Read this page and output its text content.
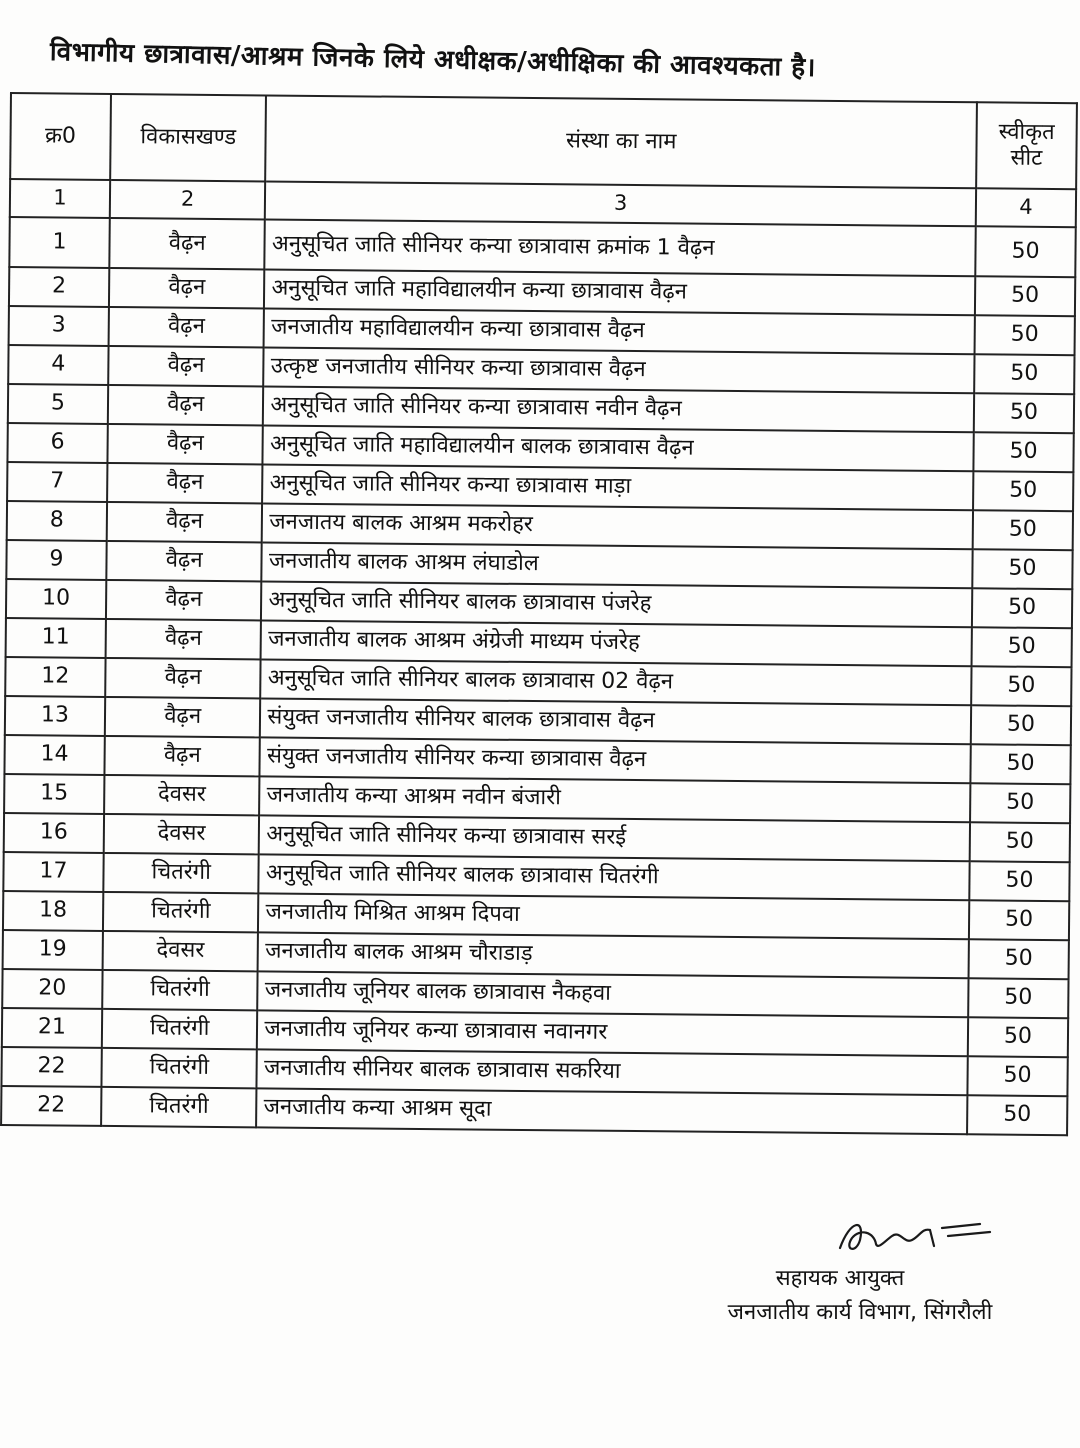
विभागीय छात्रावास/आश्रम जिनके लिये अधीक्षक/अधीक्षिका की आवश्यकता है।
क्र0	विकासखण्ड	संस्था का नाम	स्वीकृत सीट
1	2	3	4
1	वैढ़न	अनुसूचित जाति सीनियर कन्या छात्रावास क्रमांक 1 वैढ़न	50
2	वैढ़न	अनुसूचित जाति महाविद्यालयीन कन्या छात्रावास वैढ़न	50
3	वैढ़न	जनजातीय महाविद्यालयीन कन्या छात्रावास वैढ़न	50
4	वैढ़न	उत्कृष्ट जनजातीय सीनियर कन्या छात्रावास वैढ़न	50
5	वैढ़न	अनुसूचित जाति सीनियर कन्या छात्रावास नवीन वैढ़न	50
6	वैढ़न	अनुसूचित जाति महाविद्यालयीन बालक छात्रावास वैढ़न	50
7	वैढ़न	अनुसूचित जाति सीनियर कन्या छात्रावास माड़ा	50
8	वैढ़न	जनजातय बालक आश्रम मकरोहर	50
9	वैढ़न	जनजातीय बालक आश्रम लंघाडोल	50
10	वैढ़न	अनुसूचित जाति सीनियर बालक छात्रावास पंजरेह	50
11	वैढ़न	जनजातीय बालक आश्रम अंग्रेजी माध्यम पंजरेह	50
12	वैढ़न	अनुसूचित जाति सीनियर बालक छात्रावास 02 वैढ़न	50
13	वैढ़न	संयुक्त जनजातीय सीनियर बालक छात्रावास वैढ़न	50
14	वैढ़न	संयुक्त जनजातीय सीनियर कन्या छात्रावास वैढ़न	50
15	देवसर	जनजातीय कन्या आश्रम नवीन बंजारी	50
16	देवसर	अनुसूचित जाति सीनियर कन्या छात्रावास सरई	50
17	चितरंगी	अनुसूचित जाति सीनियर बालक छात्रावास चितरंगी	50
18	चितरंगी	जनजातीय मिश्रित आश्रम दिपवा	50
19	देवसर	जनजातीय बालक आश्रम चौराडाड़	50
20	चितरंगी	जनजातीय जूनियर बालक छात्रावास नैकहवा	50
21	चितरंगी	जनजातीय जूनियर कन्या छात्रावास नवानगर	50
22	चितरंगी	जनजातीय सीनियर बालक छात्रावास सकरिया	50
22	चितरंगी	जनजातीय कन्या आश्रम सूदा	50
सहायक आयुक्त
जनजातीय कार्य विभाग, सिंगरौली
